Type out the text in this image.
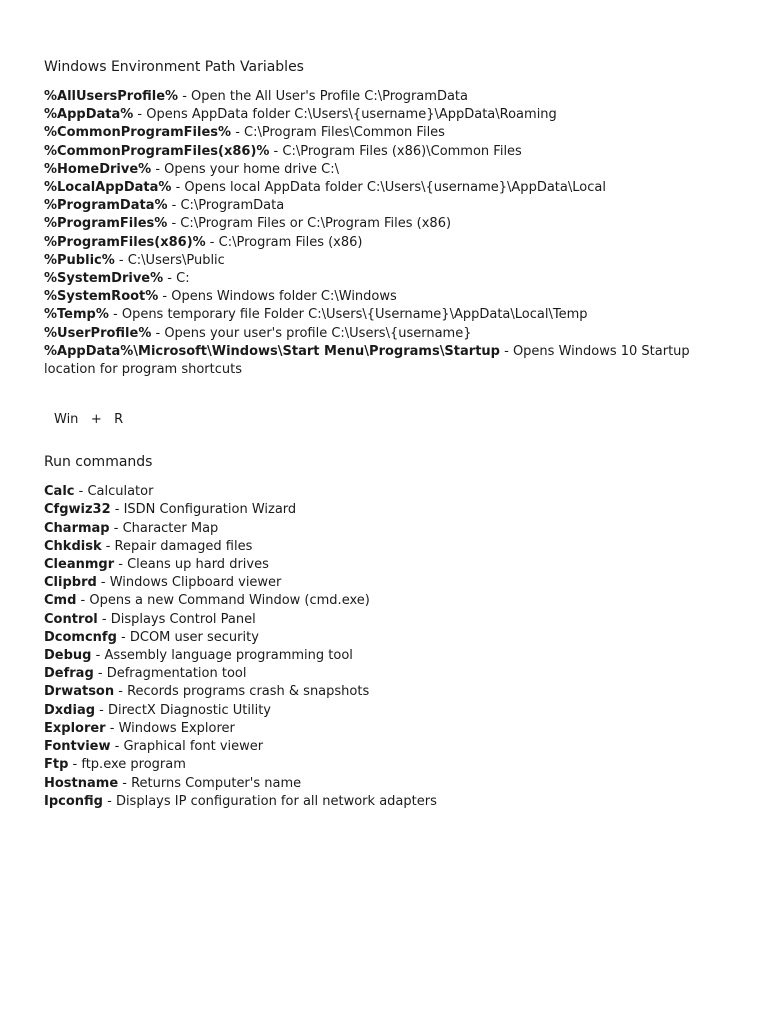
Windows Environment Path Variables
%AllUsersProfile% - Open the All User's Profile C:\ProgramData
%AppData% - Opens AppData folder C:\Users\{username}\AppData\Roaming
%CommonProgramFiles% - C:\Program Files\Common Files
%CommonProgramFiles(x86)% - C:\Program Files (x86)\Common Files
%HomeDrive% - Opens your home drive C:\
%LocalAppData% - Opens local AppData folder C:\Users\{username}\AppData\Local
%ProgramData% - C:\ProgramData
%ProgramFiles% - C:\Program Files or C:\Program Files (x86)
%ProgramFiles(x86)% - C:\Program Files (x86)
%Public% - C:\Users\Public
%SystemDrive% - C:
%SystemRoot% - Opens Windows folder C:\Windows
%Temp% - Opens temporary file Folder C:\Users\{Username}\AppData\Local\Temp
%UserProfile% - Opens your user's profile C:\Users\{username}
%AppData%\Microsoft\Windows\Start Menu\Programs\Startup - Opens Windows 10 Startup location for program shortcuts
Win   +   R
Run commands
Calc - Calculator
Cfgwiz32 - ISDN Configuration Wizard
Charmap - Character Map
Chkdisk - Repair damaged files
Cleanmgr - Cleans up hard drives
Clipbrd - Windows Clipboard viewer
Cmd - Opens a new Command Window (cmd.exe)
Control - Displays Control Panel
Dcomcnfg - DCOM user security
Debug - Assembly language programming tool
Defrag - Defragmentation tool
Drwatson - Records programs crash & snapshots
Dxdiag - DirectX Diagnostic Utility
Explorer - Windows Explorer
Fontview - Graphical font viewer
Ftp - ftp.exe program
Hostname - Returns Computer's name
Ipconfig - Displays IP configuration for all network adapters
